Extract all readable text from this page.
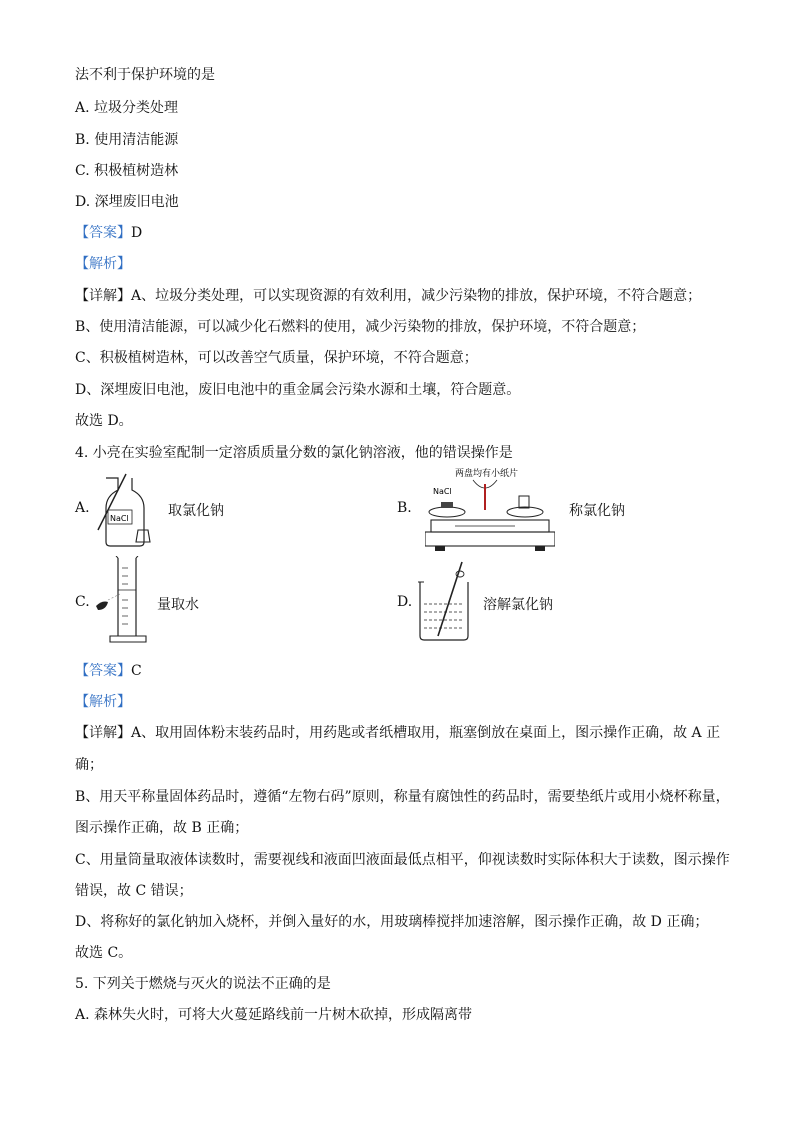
法不利于保护环境的是
A. 垃圾分类处理
B. 使用清洁能源
C. 积极植树造林
D. 深埋废旧电池
【答案】D
【解析】
【详解】A、垃圾分类处理，可以实现资源的有效利用，减少污染物的排放，保护环境，不符合题意；
B、使用清洁能源，可以减少化石燃料的使用，减少污染物的排放，保护环境，不符合题意；
C、积极植树造林，可以改善空气质量，保护环境，不符合题意；
D、深埋废旧电池，废旧电池中的重金属会污染水源和土壤，符合题意。
故选 D。
4. 小亮在实验室配制一定溶质质量分数的氯化钠溶液，他的错误操作是
A.
NaCl	取氯化钠	B.
两盘均有小纸片
NaCl
称氯化钠
C.	量取水	D.	溶解氯化钠
【答案】C
【解析】
【详解】A、取用固体粉末装药品时，用药匙或者纸槽取用，瓶塞倒放在桌面上，图示操作正确，故 A 正
确；
B、用天平称量固体药品时，遵循“左物右码”原则，称量有腐蚀性的药品时，需要垫纸片或用小烧杯称量，
图示操作正确，故 B 正确；
C、用量筒量取液体读数时，需要视线和液面凹液面最低点相平，仰视读数时实际体积大于读数，图示操作
错误，故 C 错误；
D、将称好的氯化钠加入烧杯，并倒入量好的水，用玻璃棒搅拌加速溶解，图示操作正确，故 D 正确；
故选 C。
5. 下列关于燃烧与灭火的说法不正确的是
A. 森林失火时，可将大火蔓延路线前一片树木砍掉，形成隔离带
